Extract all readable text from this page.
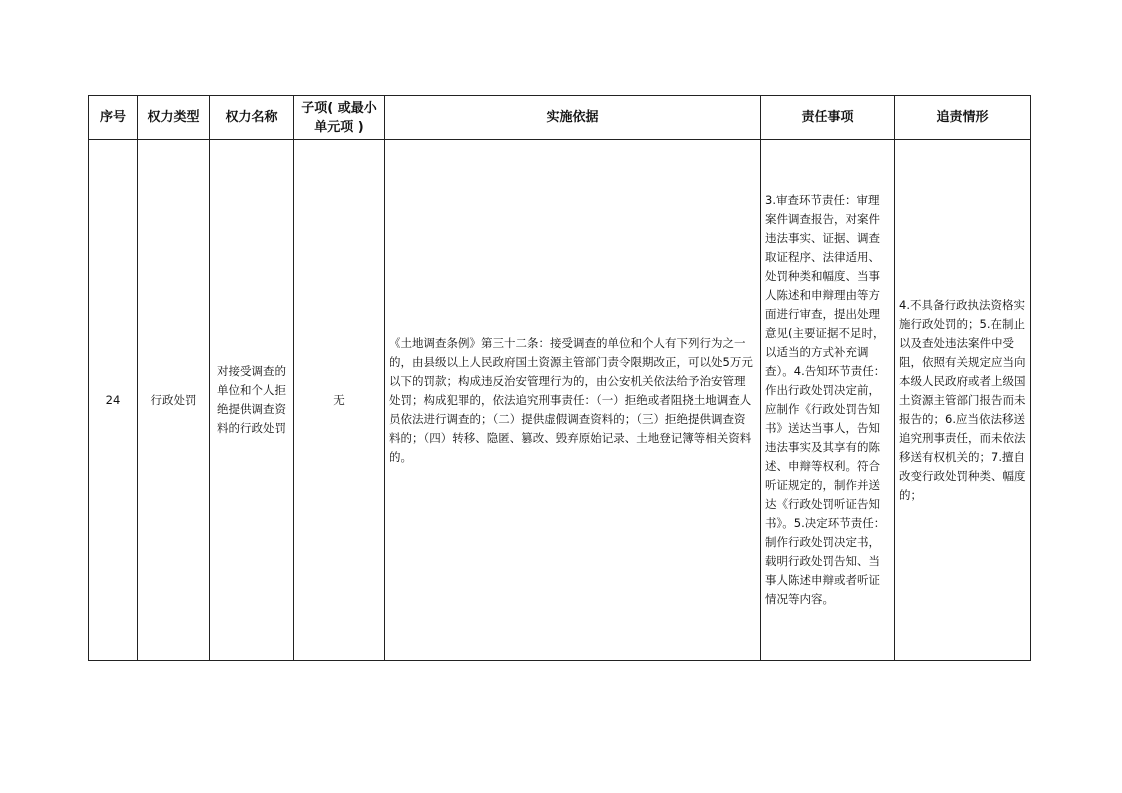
序号	权力类型	权力名称	子项( 或最小单元项 )	实施依据	责任事项	追责情形
24	行政处罚	对接受调查的单位和个人拒绝提供调查资料的行政处罚	无	《土地调查条例》第三十二条：接受调查的单位和个人有下列行为之一的，由县级以上人民政府国土资源主管部门责令限期改正，可以处5万元以下的罚款；构成违反治安管理行为的，由公安机关依法给予治安管理处罚；构成犯罪的，依法追究刑事责任：（一）拒绝或者阻挠土地调查人员依法进行调查的；（二）提供虚假调查资料的；（三）拒绝提供调查资料的；（四）转移、隐匿、篡改、毁弃原始记录、土地登记簿等相关资料的。	3.审查环节责任：审理案件调查报告，对案件违法事实、证据、调查取证程序、法律适用、处罚种类和幅度、当事人陈述和申辩理由等方面进行审查，提出处理意见(主要证据不足时，以适当的方式补充调查）。4.告知环节责任：作出行政处罚决定前，应制作《行政处罚告知书》送达当事人，告知违法事实及其享有的陈述、申辩等权利。符合听证规定的，制作并送达《行政处罚听证告知书》。5.决定环节责任：制作行政处罚决定书，载明行政处罚告知、当事人陈述申辩或者听证情况等内容。	4.不具备行政执法资格实施行政处罚的；5.在制止以及查处违法案件中受阻，依照有关规定应当向本级人民政府或者上级国土资源主管部门报告而未报告的；6.应当依法移送追究刑事责任，而未依法移送有权机关的；7.擅自改变行政处罚种类、幅度的；
